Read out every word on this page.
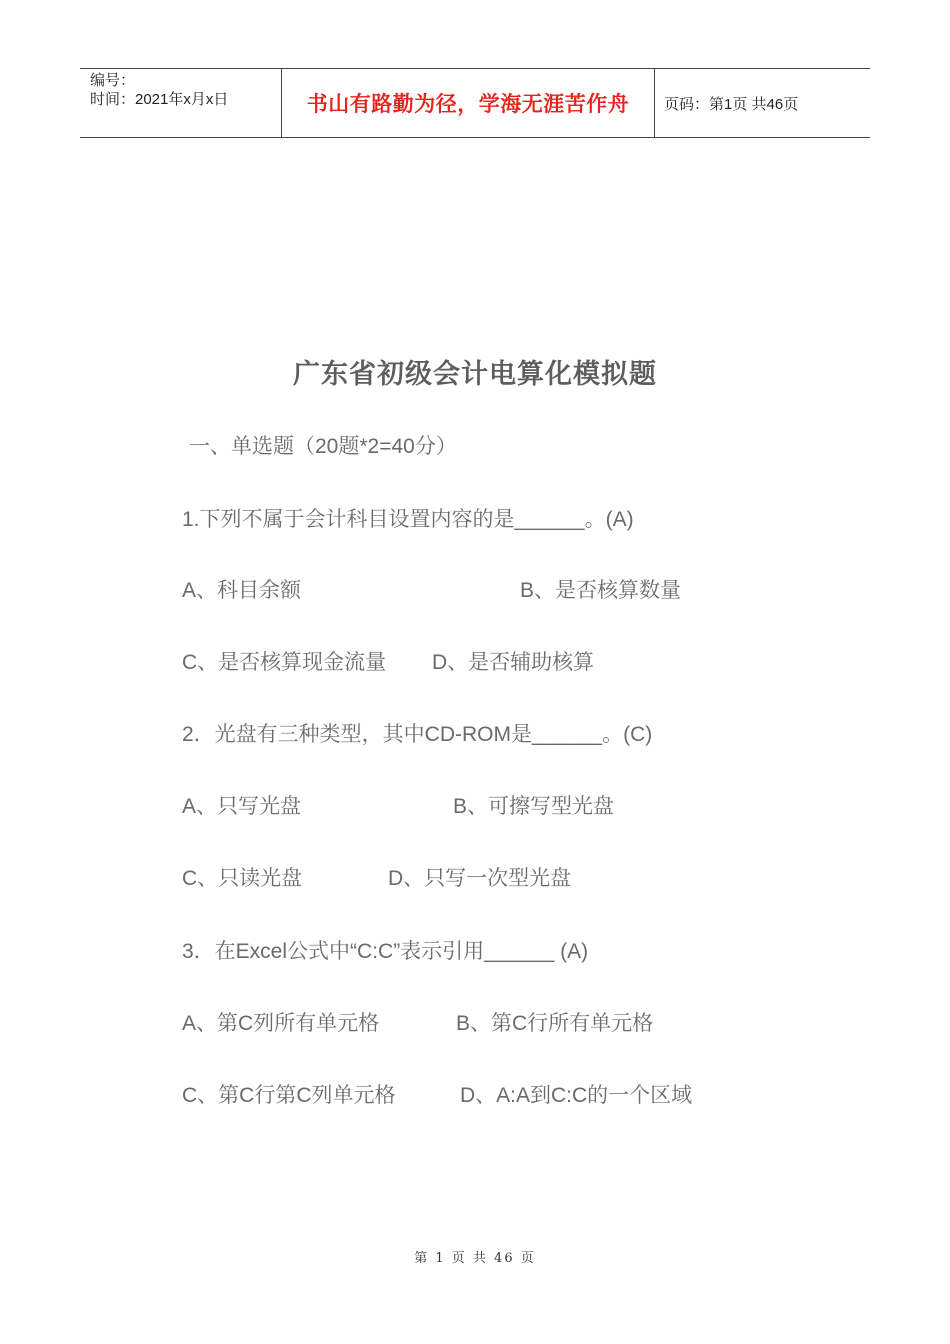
编号：
时间：2021年x月x日	书山有路勤为径，学海无涯苦作舟 页码：第1页 共46页
广东省初级会计电算化模拟题
一、单选题（20题*2=40分）
1.下列不属于会计科目设置内容的是______。(A)
A、科目余额	B、是否核算数量
C、是否核算现金流量 D、是否辅助核算
2．光盘有三种类型，其中CD-ROM是______。(C)
A、只写光盘	B、可擦写型光盘
C、只读光盘	D、只写一次型光盘
3．在Excel公式中“C:C”表示引用______ (A)
A、第C列所有单元格	B、第C行所有单元格
C、第C行第C列单元格	D、A:A到C:C的一个区域
第 1 页 共 46 页
